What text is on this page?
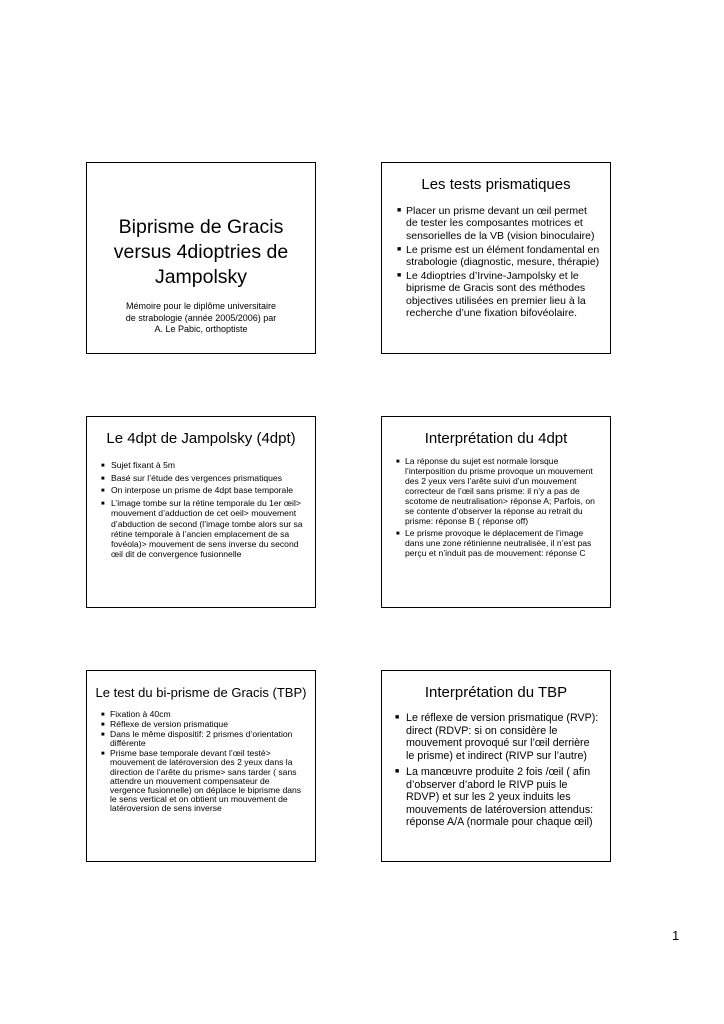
Biprisme de Gracis versus 4dioptries de Jampolsky
Mémoire pour le diplôme universitaire
de strabologie (année 2005/2006) par
A. Le Pabic, orthoptiste
Les tests prismatiques
■ Placer un prisme devant un œil permet de tester les composantes motrices et sensorielles de la VB (vision binoculaire)
■ Le prisme est un élément fondamental en strabologie (diagnostic, mesure, thérapie)
■ Le 4dioptries d’Irvine-Jampolsky et le biprisme de Gracis sont des méthodes objectives utilisées en premier lieu à la recherche d’une fixation bifovéolaire.
Le 4dpt de Jampolsky (4dpt)
■ Sujet fixant à 5m
■ Basé sur l’étude des vergences prismatiques
■ On interpose un prisme de 4dpt base temporale
■ L’image tombe sur la rétine temporale du 1er œil> mouvement d’adduction de cet oeil> mouvement d’abduction de second (l’image tombe alors sur sa rétine temporale à l’ancien emplacement de sa fovéola)> mouvement de sens inverse du second œil dit de convergence fusionnelle
Interprétation du 4dpt
■ La réponse du sujet est normale lorsque l’interposition du prisme provoque un mouvement des 2 yeux vers l’arête suivi d’un mouvement correcteur de l’œil sans prisme: il n’y a pas de scotome de neutralisation> réponse A; Parfois, on se contente d’observer la réponse au retrait du prisme: réponse B ( réponse off)
■ Le prisme provoque le déplacement de l’image dans une zone rétinienne neutralisée, il n’est pas perçu et n’induit pas de mouvement: réponse C
Le test du bi-prisme de Gracis (TBP)
■ Fixation à 40cm
■ Réflexe de version prismatique
■ Dans le même dispositif: 2 prismes d’orientation différente
■ Prisme base temporale devant l’œil testé> mouvement de latéroversion des 2 yeux dans la direction de l’arête du prisme> sans tarder ( sans attendre un mouvement compensateur de vergence fusionnelle) on déplace le biprisme dans le sens vertical et on obtient un mouvement de latéroversion de sens inverse
Interprétation du TBP
■ Le réflexe de version prismatique (RVP): direct (RDVP: si on considère le mouvement provoqué sur l’œil derrière le prisme) et indirect (RIVP sur l’autre)
■ La manœuvre produite 2 fois /œil ( afin d’observer d’abord le RIVP puis le RDVP) et sur les 2 yeux induits les mouvements de latéroversion attendus: réponse A/A (normale pour chaque œil)
1
